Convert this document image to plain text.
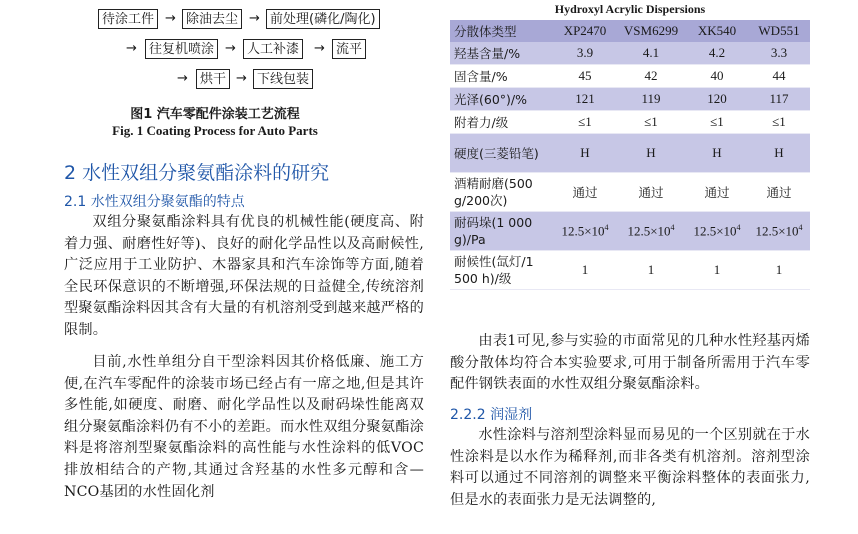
待涂工件 → 除油去尘 → 前处理(磷化/陶化)
→ 往复机喷涂 → 人工补漆	→ 流平
→ 烘干 → 下线包装
图1 汽车零配件涂装工艺流程
Fig. 1 Coating Process for Auto Parts
2 水性双组分聚氨酯涂料的研究
2.1 水性双组分聚氨酯的特点
双组分聚氨酯涂料具有优良的机械性能(硬度高、附着力强、耐磨性好等)、良好的耐化学品性以及高耐候性,广泛应用于工业防护、木器家具和汽车涂饰等方面,随着全民环保意识的不断增强,环保法规的日益健全,传统溶剂型聚氨酯涂料因其含有大量的有机溶剂受到越来越严格的限制。
目前,水性单组分自干型涂料因其价格低廉、施工方便,在汽车零配件的涂装市场已经占有一席之地,但是其许多性能,如硬度、耐磨、耐化学品性以及耐码垛性能离双组分聚氨酯涂料仍有不小的差距。而水性双组分聚氨酯涂料是将溶剂型聚氨酯涂料的高性能与水性涂料的低VOC排放相结合的产物,其通过含羟基的水性多元醇和含—NCO基团的水性固化剂
Hydroxyl Acrylic Dispersions
分散体类型	XP2470	VSM6299	XK540	WD551
羟基含量/%	3.9	4.1	4.2	3.3
固含量/%	45	42	40	44
光泽(60°)/%	121	119	120	117
附着力/级	≤1	≤1	≤1	≤1
硬度(三菱铅笔)	H	H	H	H
酒精耐磨(500 g/200次)	通过	通过	通过	通过
耐码垛(1 000 g)/Pa	$12.5\times 10^4$	$12.5\times 10^4$	$12.5\times 10^4$	$12.5\times 10^4$
耐候性(氙灯/1 500 h)/级	1	1	1	1
由表1可见,参与实验的市面常见的几种水性羟基丙烯酸分散体均符合本实验要求,可用于制备所需用于汽车零配件钢铁表面的水性双组分聚氨酯涂料。
2.2.2 润湿剂
水性涂料与溶剂型涂料显而易见的一个区别就在于水性涂料是以水作为稀释剂,而非各类有机溶剂。溶剂型涂料可以通过不同溶剂的调整来平衡涂料整体的表面张力,但是水的表面张力是无法调整的,
